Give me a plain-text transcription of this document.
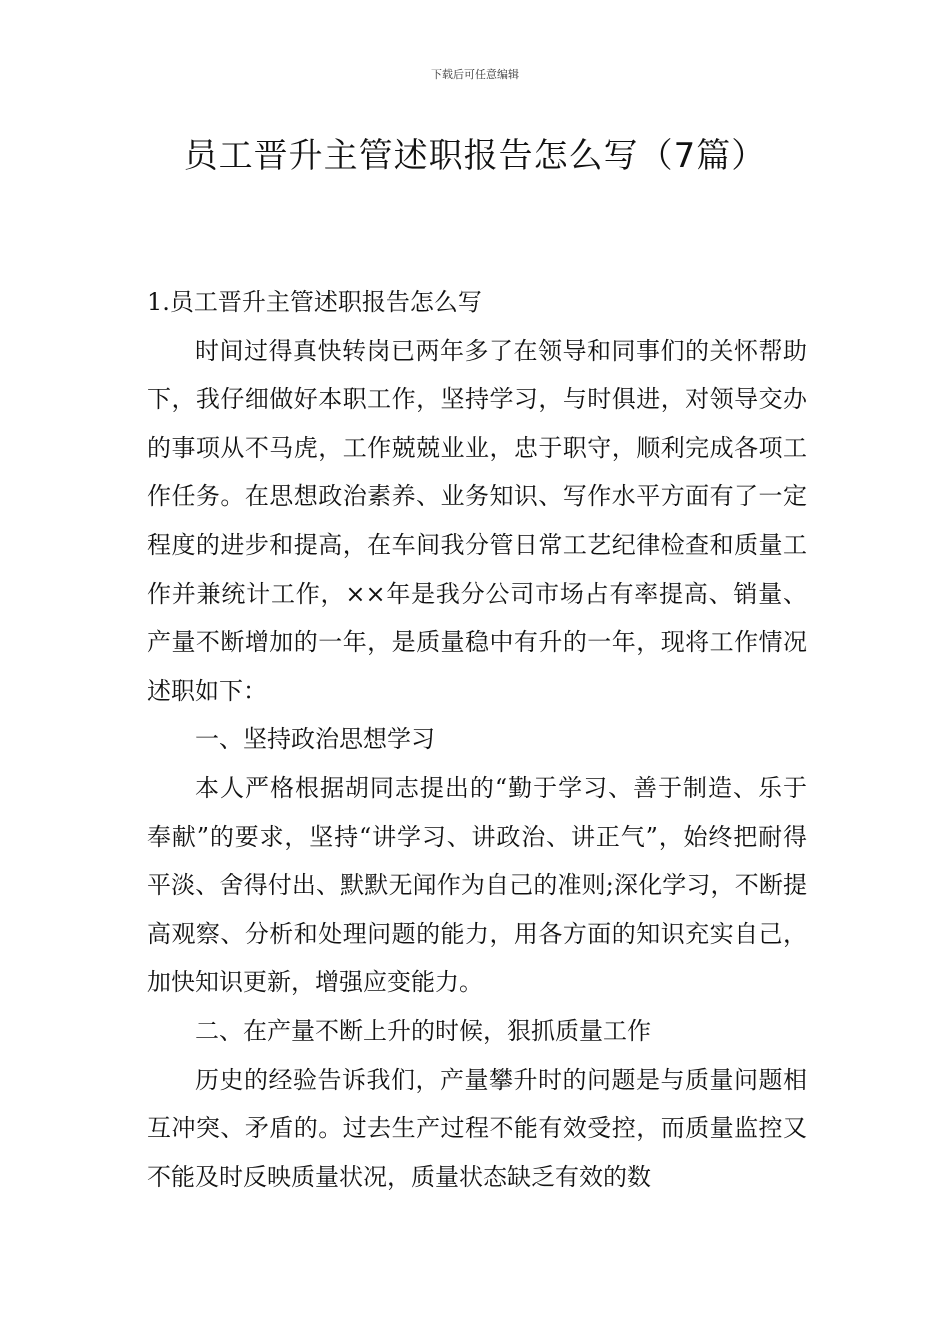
下载后可任意编辑
员工晋升主管述职报告怎么写（7篇）

1.员工晋升主管述职报告怎么写

时间过得真快转岗已两年多了在领导和同事们的关怀帮助下，我仔细做好本职工作，坚持学习，与时俱进，对领导交办的事项从不马虎，工作兢兢业业，忠于职守，顺利完成各项工作任务。在思想政治素养、业务知识、写作水平方面有了一定程度的进步和提高，在车间我分管日常工艺纪律检查和质量工作并兼统计工作，××年是我分公司市场占有率提高、销量、产量不断增加的一年，是质量稳中有升的一年，现将工作情况述职如下：

一、坚持政治思想学习

本人严格根据胡同志提出的“勤于学习、善于制造、乐于奉献”的要求，坚持“讲学习、讲政治、讲正气”，始终把耐得平淡、舍得付出、默默无闻作为自己的准则;深化学习，不断提高观察、分析和处理问题的能力，用各方面的知识充实自己，加快知识更新，增强应变能力。

二、在产量不断上升的时候，狠抓质量工作

历史的经验告诉我们，产量攀升时的问题是与质量问题相互冲突、矛盾的。过去生产过程不能有效受控，而质量监控又不能及时反映质量状况，质量状态缺乏有效的数
